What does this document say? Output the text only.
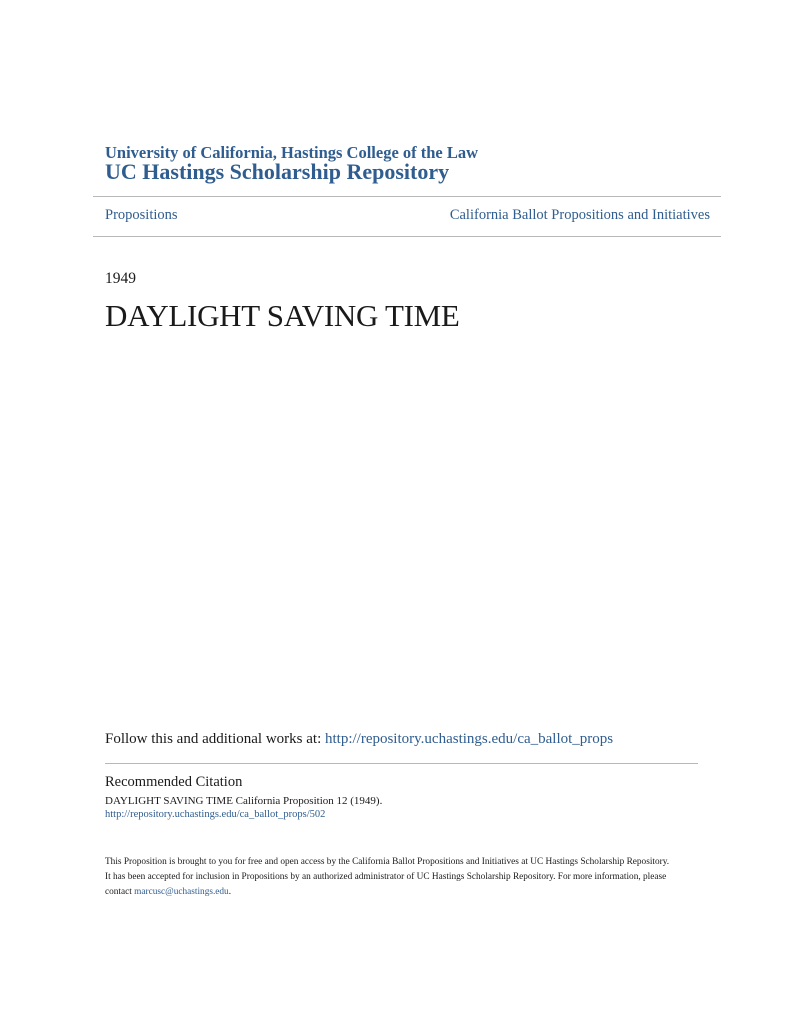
University of California, Hastings College of the Law
UC Hastings Scholarship Repository
Propositions	California Ballot Propositions and Initiatives
1949
DAYLIGHT SAVING TIME
Follow this and additional works at: http://repository.uchastings.edu/ca_ballot_props
Recommended Citation
DAYLIGHT SAVING TIME California Proposition 12 (1949).
http://repository.uchastings.edu/ca_ballot_props/502
This Proposition is brought to you for free and open access by the California Ballot Propositions and Initiatives at UC Hastings Scholarship Repository.
It has been accepted for inclusion in Propositions by an authorized administrator of UC Hastings Scholarship Repository. For more information, please
contact marcusc@uchastings.edu.
